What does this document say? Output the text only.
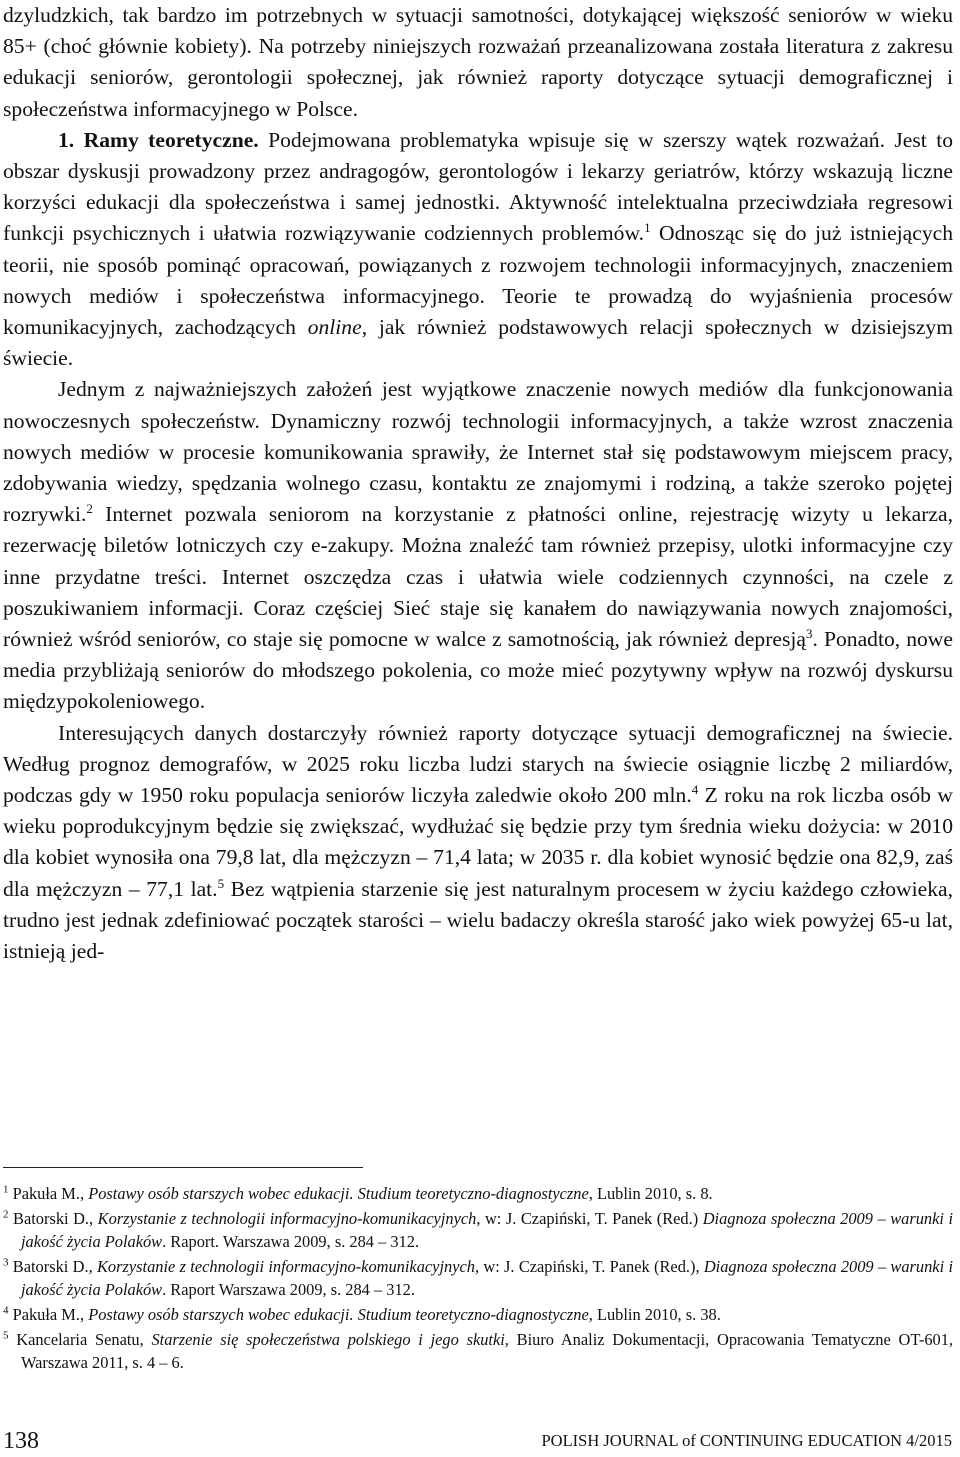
dzyludzkich, tak bardzo im potrzebnych w sytuacji samotności, dotykającej większość seniorów w wieku 85+ (choć głównie kobiety). Na potrzeby niniejszych rozważań przeanalizowana została literatura z zakresu edukacji seniorów, gerontologii społecznej, jak również raporty dotyczące sytuacji demograficznej i społeczeństwa informacyjnego w Polsce.

1. Ramy teoretyczne. Podejmowana problematyka wpisuje się w szerszy wątek rozważań. Jest to obszar dyskusji prowadzony przez andragogów, gerontologów i lekarzy geriatrów, którzy wskazują liczne korzyści edukacji dla społeczeństwa i samej jednostki. Aktywność intelektualna przeciwdziała regresowi funkcji psychicznych i ułatwia rozwiązywanie codziennych problemów.$^1$ Odnosząc się do już istniejących teorii, nie sposób pominąć opracowań, powiązanych z rozwojem technologii informacyjnych, znaczeniem nowych mediów i społeczeństwa informacyjnego. Teorie te prowadzą do wyjaśnienia procesów komunikacyjnych, zachodzących online, jak również podstawowych relacji społecznych w dzisiejszym świecie.

Jednym z najważniejszych założeń jest wyjątkowe znaczenie nowych mediów dla funkcjonowania nowoczesnych społeczeństw. Dynamiczny rozwój technologii informacyjnych, a także wzrost znaczenia nowych mediów w procesie komunikowania sprawiły, że Internet stał się podstawowym miejscem pracy, zdobywania wiedzy, spędzania wolnego czasu, kontaktu ze znajomymi i rodziną, a także szeroko pojętej rozrywki.$^2$ Internet pozwala seniorom na korzystanie z płatności online, rejestrację wizyty u lekarza, rezerwację biletów lotniczych czy e-zakupy. Można znaleźć tam również przepisy, ulotki informacyjne czy inne przydatne treści. Internet oszczędza czas i ułatwia wiele codziennych czynności, na czele z poszukiwaniem informacji. Coraz częściej Sieć staje się kanałem do nawiązywania nowych znajomości, również wśród seniorów, co staje się pomocne w walce z samotnością, jak również depresją$^3$. Ponadto, nowe media przybliżają seniorów do młodszego pokolenia, co może mieć pozytywny wpływ na rozwój dyskursu międzypokoleniowego.

Interesujących danych dostarczyły również raporty dotyczące sytuacji demograficznej na świecie. Według prognoz demografów, w 2025 roku liczba ludzi starych na świecie osiągnie liczbę 2 miliardów, podczas gdy w 1950 roku populacja seniorów liczyła zaledwie około 200 mln.$^4$ Z roku na rok liczba osób w wieku poprodukcyjnym będzie się zwiększać, wydłużać się będzie przy tym średnia wieku dożycia: w 2010 dla kobiet wynosiła ona 79,8 lat, dla mężczyzn – 71,4 lata; w 2035 r. dla kobiet wynosić będzie ona 82,9, zaś dla mężczyzn – 77,1 lat.$^5$ Bez wątpienia starzenie się jest naturalnym procesem w życiu każdego człowieka, trudno jest jednak zdefiniować początek starości – wielu badaczy określa starość jako wiek powyżej 65-u lat, istnieją jed-

$^1$ Pakuła M., Postawy osób starszych wobec edukacji. Studium teoretyczno-diagnostyczne, Lublin 2010, s. 8.

$^2$ Batorski D., Korzystanie z technologii informacyjno-komunikacyjnych, w: J. Czapiński, T. Panek (Red.) Diagnoza społeczna 2009 – warunki i jakość życia Polaków. Raport. Warszawa 2009, s. 284 – 312.

$^3$ Batorski D., Korzystanie z technologii informacyjno-komunikacyjnych, w: J. Czapiński, T. Panek (Red.), Diagnoza społeczna 2009 – warunki i jakość życia Polaków. Raport Warszawa 2009, s. 284 – 312.

$^4$ Pakuła M., Postawy osób starszych wobec edukacji. Studium teoretyczno-diagnostyczne, Lublin 2010, s. 38.

$^5$ Kancelaria Senatu, Starzenie się społeczeństwa polskiego i jego skutki, Biuro Analiz Dokumentacji, Opracowania Tematyczne OT-601, Warszawa 2011, s. 4 – 6.

138	POLISH JOURNAL of CONTINUING EDUCATION 4/2015
